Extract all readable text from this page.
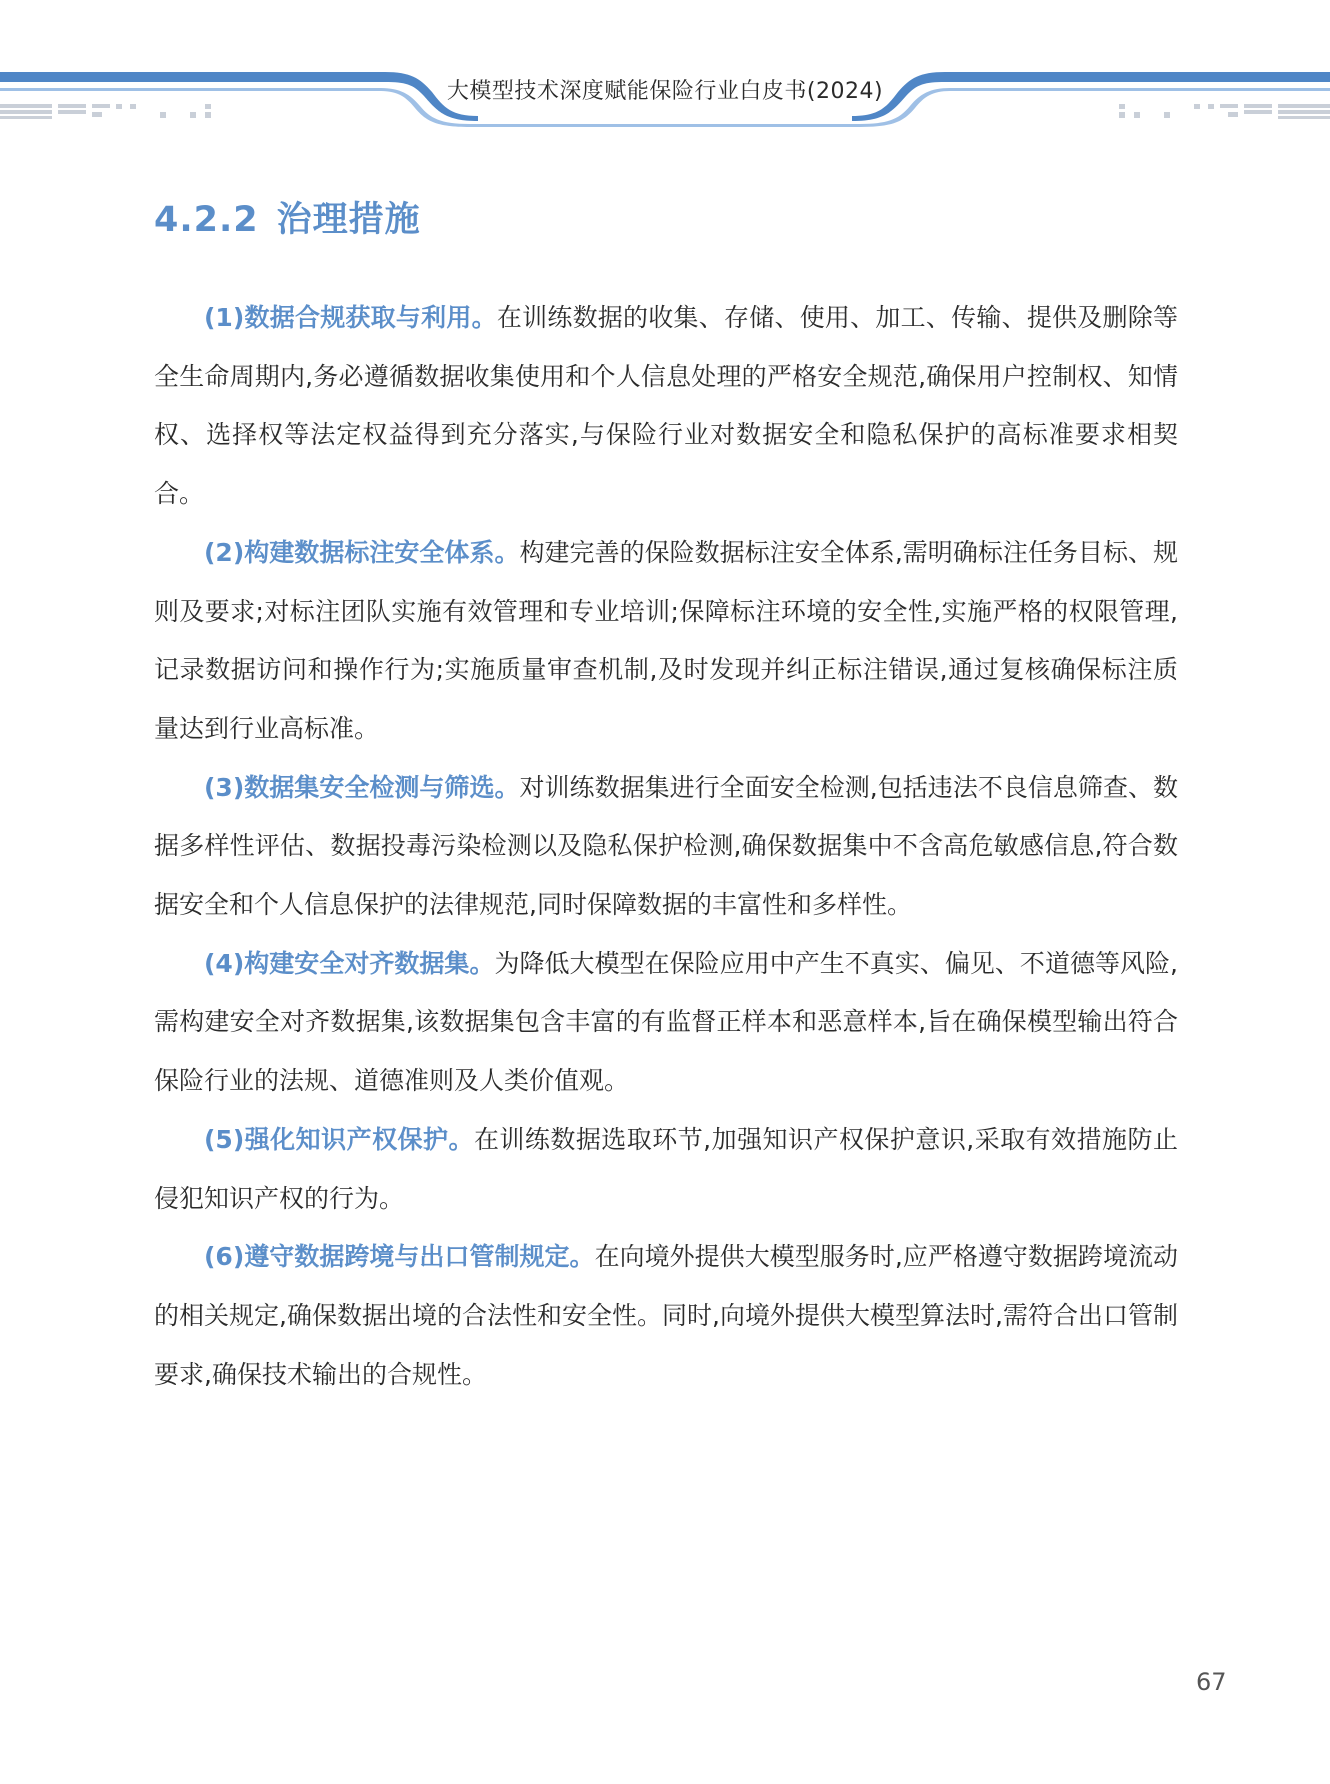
大模型技术深度赋能保险行业白皮书(2024)
4.2.2 治理措施

(1)数据合规获取与利用。在训练数据的收集、存储、使用、加工、传输、提供及删除等全生命周期内,务必遵循数据收集使用和个人信息处理的严格安全规范,确保用户控制权、知情权、选择权等法定权益得到充分落实,与保险行业对数据安全和隐私保护的高标准要求相契合。

(2)构建数据标注安全体系。构建完善的保险数据标注安全体系,需明确标注任务目标、规则及要求;对标注团队实施有效管理和专业培训;保障标注环境的安全性,实施严格的权限管理,记录数据访问和操作行为;实施质量审查机制,及时发现并纠正标注错误,通过复核确保标注质量达到行业高标准。

(3)数据集安全检测与筛选。对训练数据集进行全面安全检测,包括违法不良信息筛查、数据多样性评估、数据投毒污染检测以及隐私保护检测,确保数据集中不含高危敏感信息,符合数据安全和个人信息保护的法律规范,同时保障数据的丰富性和多样性。

(4)构建安全对齐数据集。为降低大模型在保险应用中产生不真实、偏见、不道德等风险,需构建安全对齐数据集,该数据集包含丰富的有监督正样本和恶意样本,旨在确保模型输出符合保险行业的法规、道德准则及人类价值观。

(5)强化知识产权保护。在训练数据选取环节,加强知识产权保护意识,采取有效措施防止侵犯知识产权的行为。

(6)遵守数据跨境与出口管制规定。在向境外提供大模型服务时,应严格遵守数据跨境流动的相关规定,确保数据出境的合法性和安全性。同时,向境外提供大模型算法时,需符合出口管制要求,确保技术输出的合规性。

67
